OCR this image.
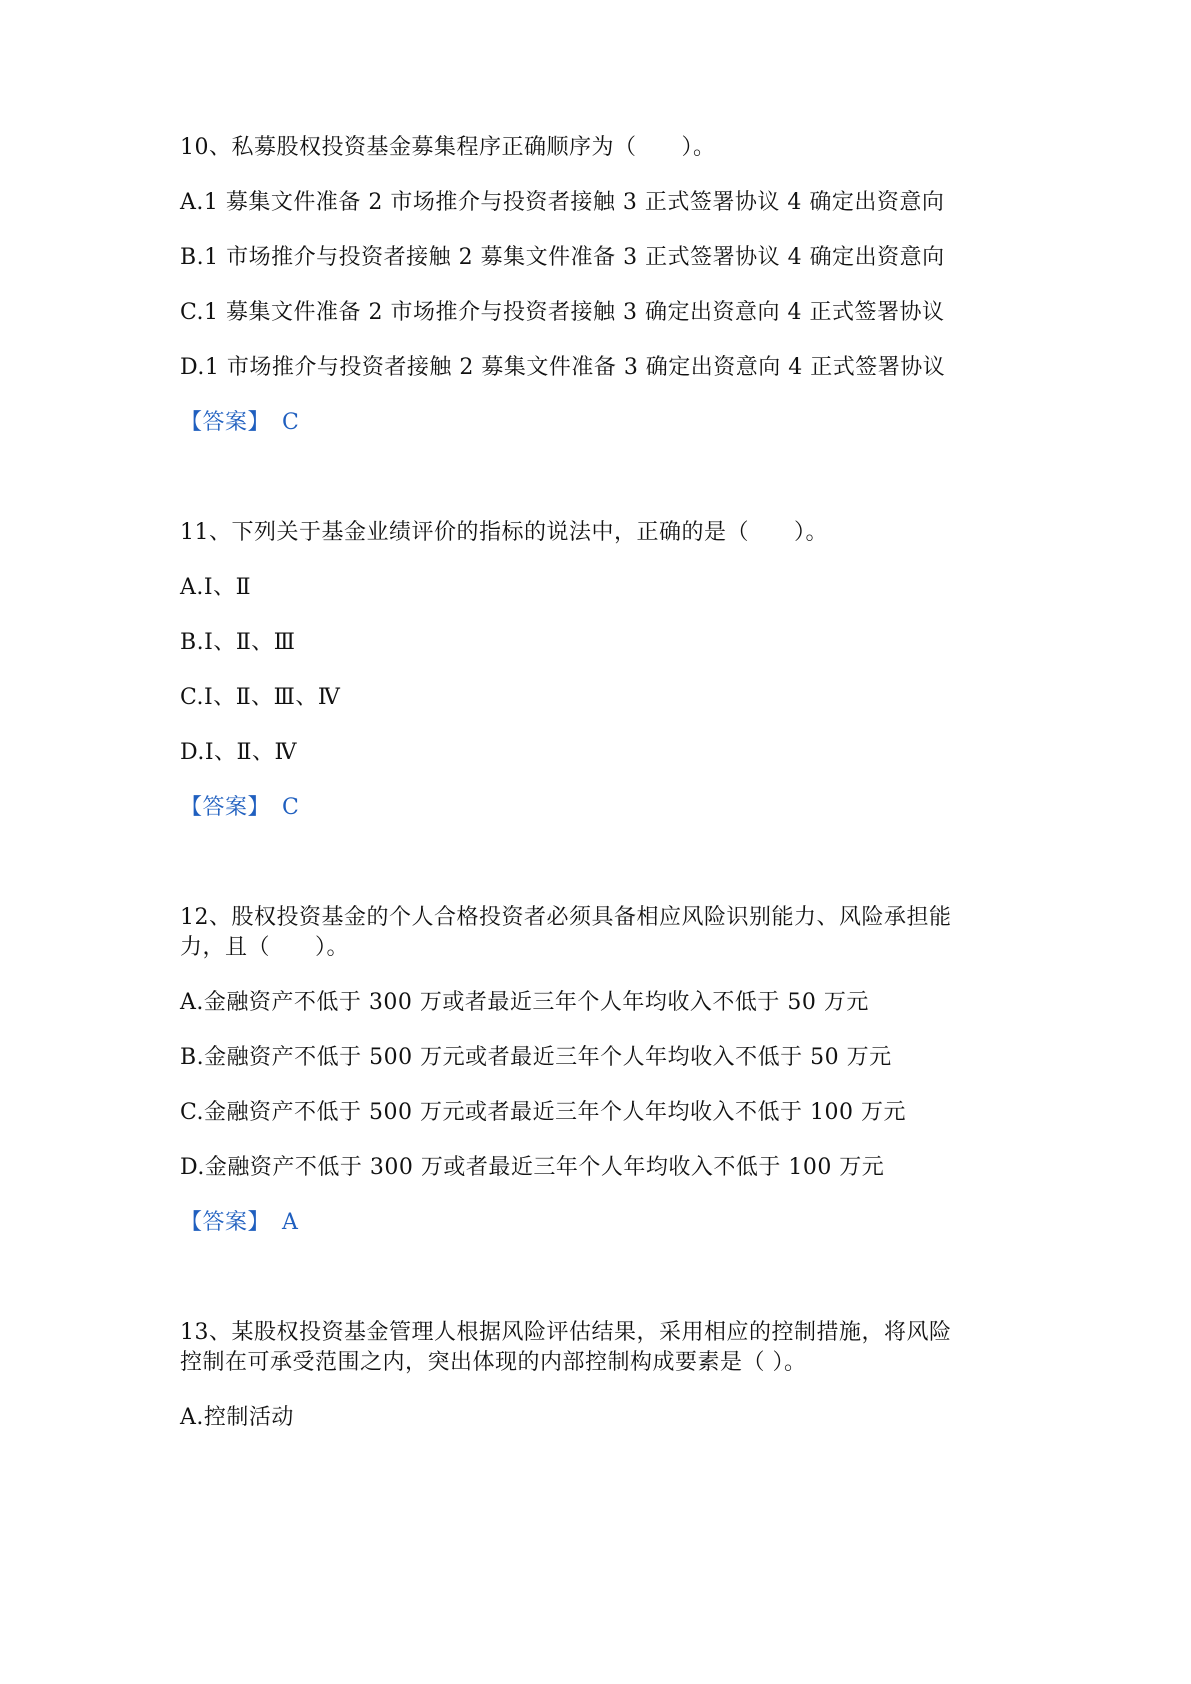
10、私募股权投资基金募集程序正确顺序为（　　）。
A.1 募集文件准备 2 市场推介与投资者接触 3 正式签署协议 4 确定出资意向
B.1 市场推介与投资者接触 2 募集文件准备 3 正式签署协议 4 确定出资意向
C.1 募集文件准备 2 市场推介与投资者接触 3 确定出资意向 4 正式签署协议
D.1 市场推介与投资者接触 2 募集文件准备 3 确定出资意向 4 正式签署协议
【答案】 C
11、下列关于基金业绩评价的指标的说法中，正确的是（　　）。
A.Ⅰ、Ⅱ
B.Ⅰ、Ⅱ、Ⅲ
C.Ⅰ、Ⅱ、Ⅲ、Ⅳ
D.Ⅰ、Ⅱ、Ⅳ
【答案】 C
12、股权投资基金的个人合格投资者必须具备相应风险识别能力、风险承担能
力，且（　　）。
A.金融资产不低于 300 万或者最近三年个人年均收入不低于 50 万元
B.金融资产不低于 500 万元或者最近三年个人年均收入不低于 50 万元
C.金融资产不低于 500 万元或者最近三年个人年均收入不低于 100 万元
D.金融资产不低于 300 万或者最近三年个人年均收入不低于 100 万元
【答案】 A
13、某股权投资基金管理人根据风险评估结果，采用相应的控制措施，将风险
控制在可承受范围之内，突出体现的内部控制构成要素是（ ）。
A.控制活动
